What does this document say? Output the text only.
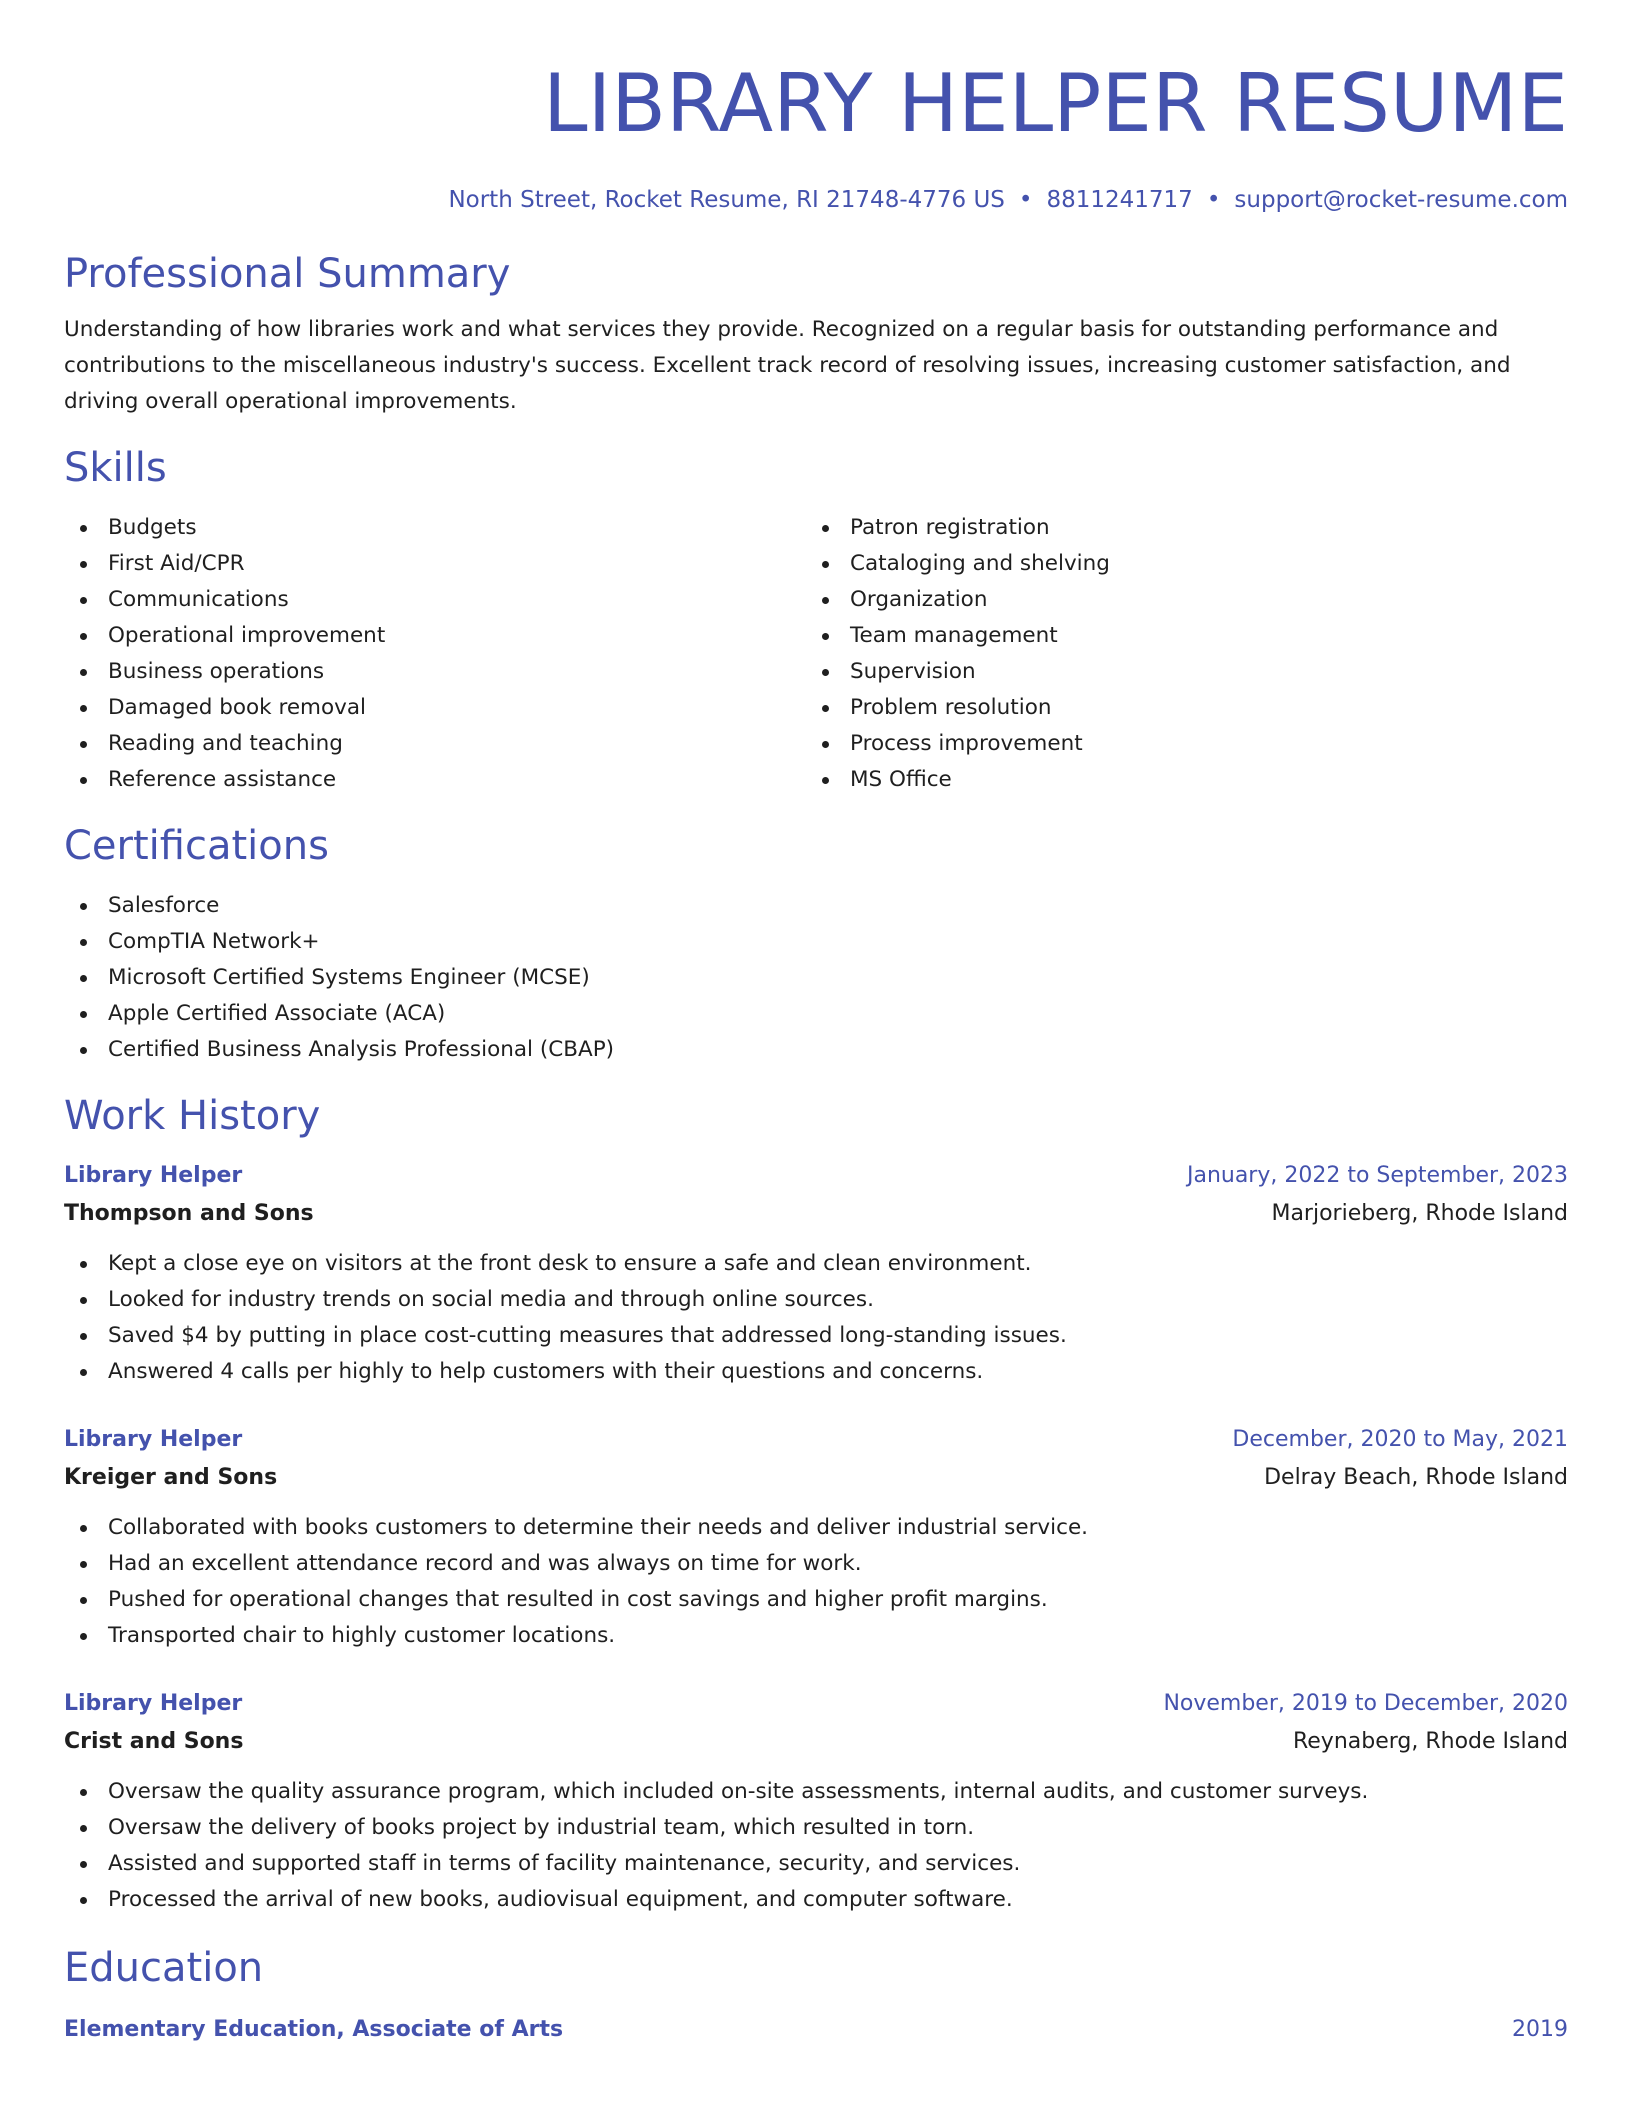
LIBRARY HELPER RESUME
North Street, Rocket Resume, RI 21748-4776 US • 8811241717 • support@rocket-resume.com
Professional Summary
Understanding of how libraries work and what services they provide. Recognized on a regular basis for outstanding performance and contributions to the miscellaneous industry's success. Excellent track record of resolving issues, increasing customer satisfaction, and driving overall operational improvements.
Skills
Budgets
First Aid/CPR
Communications
Operational improvement
Business operations
Damaged book removal
Reading and teaching
Reference assistance
Patron registration
Cataloging and shelving
Organization
Team management
Supervision
Problem resolution
Process improvement
MS Office
Certifications
Salesforce
CompTIA Network+
Microsoft Certified Systems Engineer (MCSE)
Apple Certified Associate (ACA)
Certified Business Analysis Professional (CBAP)
Work History
Library Helper	January, 2022 to September, 2023
Thompson and Sons	Marjorieberg, Rhode Island
Kept a close eye on visitors at the front desk to ensure a safe and clean environment.
Looked for industry trends on social media and through online sources.
Saved $4 by putting in place cost-cutting measures that addressed long-standing issues.
Answered 4 calls per highly to help customers with their questions and concerns.
Library Helper	December, 2020 to May, 2021
Kreiger and Sons	Delray Beach, Rhode Island
Collaborated with books customers to determine their needs and deliver industrial service.
Had an excellent attendance record and was always on time for work.
Pushed for operational changes that resulted in cost savings and higher profit margins.
Transported chair to highly customer locations.
Library Helper	November, 2019 to December, 2020
Crist and Sons	Reynaberg, Rhode Island
Oversaw the quality assurance program, which included on-site assessments, internal audits, and customer surveys.
Oversaw the delivery of books project by industrial team, which resulted in torn.
Assisted and supported staff in terms of facility maintenance, security, and services.
Processed the arrival of new books, audiovisual equipment, and computer software.
Education
Elementary Education, Associate of Arts	2019
